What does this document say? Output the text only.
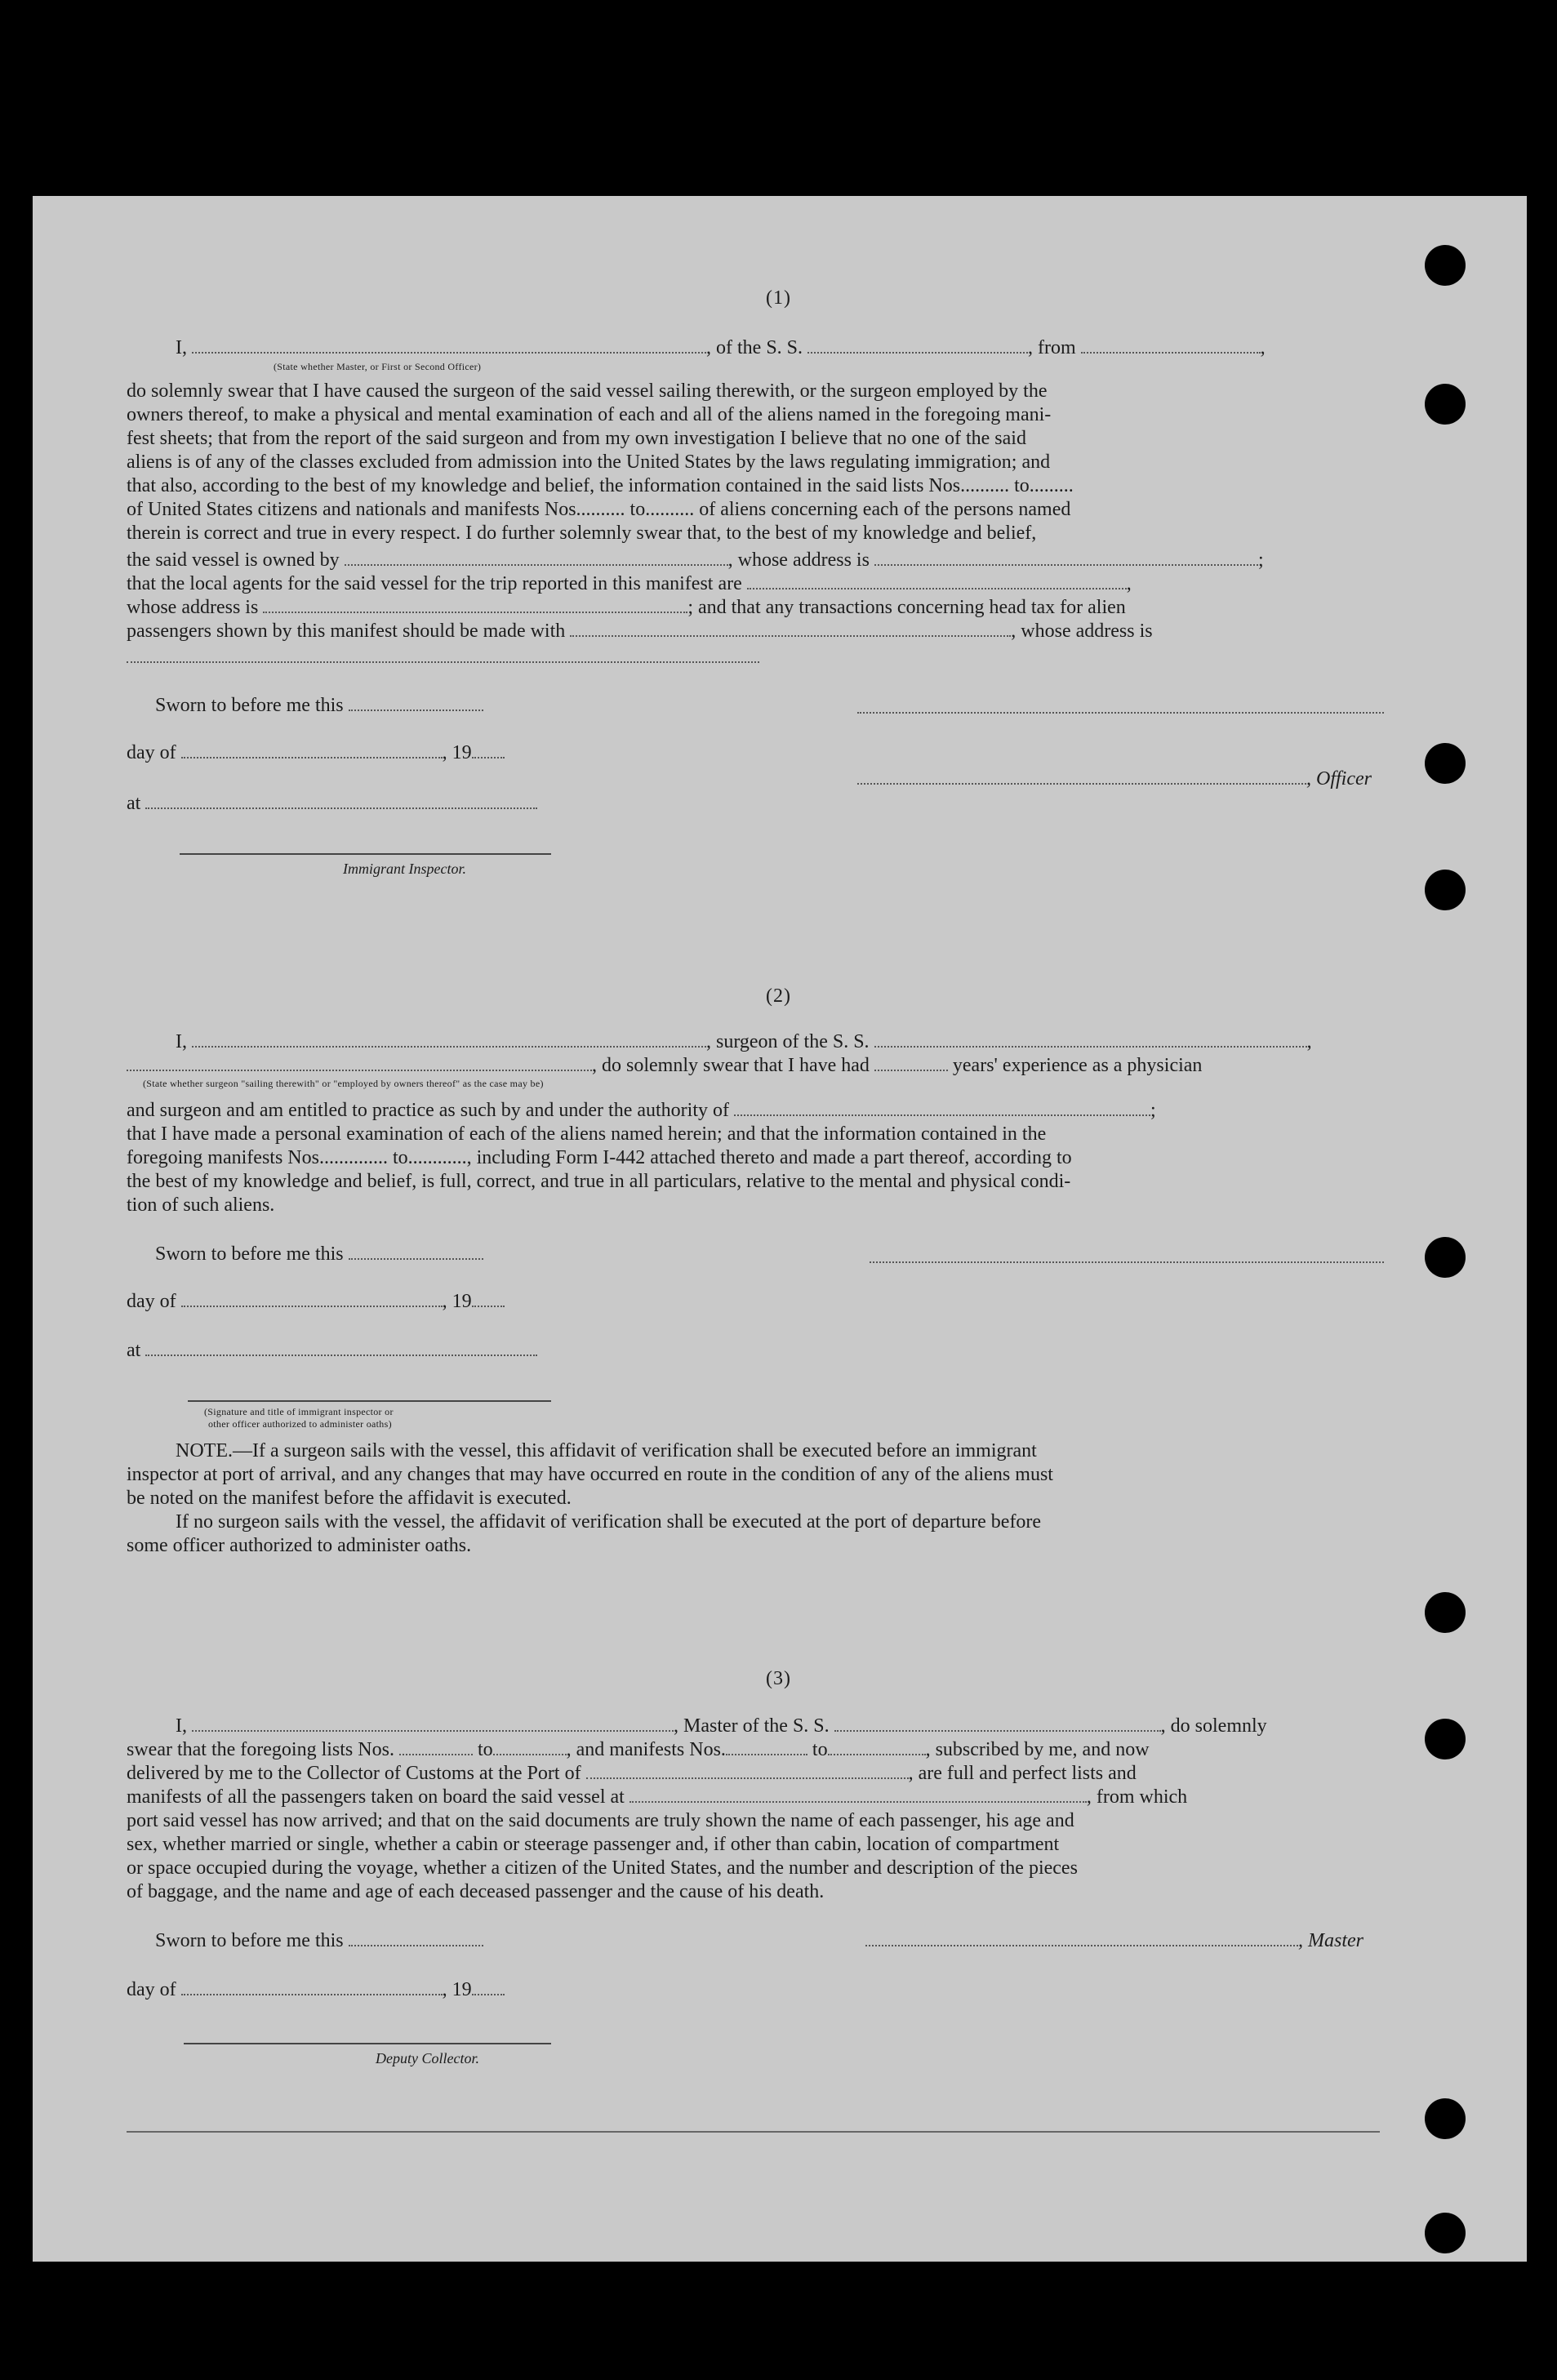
(1)
I,	, of the S. S.	, from	,
(State whether Master, or First or Second Officer)
do solemnly swear that I have caused the surgeon of the said vessel sailing therewith, or the surgeon employed by the
owners thereof, to make a physical and mental examination of each and all of the aliens named in the foregoing mani-
fest sheets; that from the report of the said surgeon and from my own investigation I believe that no one of the said
aliens is of any of the classes excluded from admission into the United States by the laws regulating immigration; and
that also, according to the best of my knowledge and belief, the information contained in the said lists Nos.......... to.........
of United States citizens and nationals and manifests Nos.......... to.......... of aliens concerning each of the persons named
therein is correct and true in every respect. I do further solemnly swear that, to the best of my knowledge and belief,
the said vessel is owned by	, whose address is	;
that the local agents for the said vessel for the trip reported in this manifest are	,
whose address is	; and that any transactions concerning head tax for alien
passengers shown by this manifest should be made with	, whose address is
Sworn to before me this
day of	, 19
, Officer
at
Immigrant Inspector.
(2)
I,	, surgeon of the S. S.	,
, do solemnly swear that I have had	years' experience as a physician
(State whether surgeon "sailing therewith" or "employed by owners thereof" as the case may be)
and surgeon and am entitled to practice as such by and under the authority of	;
that I have made a personal examination of each of the aliens named herein; and that the information contained in the
foregoing manifests Nos.............. to............, including Form I-442 attached thereto and made a part thereof, according to
the best of my knowledge and belief, is full, correct, and true in all particulars, relative to the mental and physical condi-
tion of such aliens.
Sworn to before me this
day of	, 19
at
(Signature and title of immigrant inspector or
other officer authorized to administer oaths)
NOTE.—If a surgeon sails with the vessel, this affidavit of verification shall be executed before an immigrant
inspector at port of arrival, and any changes that may have occurred en route in the condition of any of the aliens must
be noted on the manifest before the affidavit is executed.
If no surgeon sails with the vessel, the affidavit of verification shall be executed at the port of departure before
some officer authorized to administer oaths.
(3)
I,	, Master of the S. S.	, do solemnly
swear that the foregoing lists Nos.	to	, and manifests Nos.	to	, subscribed by me, and now
delivered by me to the Collector of Customs at the Port of	, are full and perfect lists and
manifests of all the passengers taken on board the said vessel at	, from which
port said vessel has now arrived; and that on the said documents are truly shown the name of each passenger, his age and
sex, whether married or single, whether a cabin or steerage passenger and, if other than cabin, location of compartment
or space occupied during the voyage, whether a citizen of the United States, and the number and description of the pieces
of baggage, and the name and age of each deceased passenger and the cause of his death.
Sworn to before me this	, Master
day of	, 19
Deputy Collector.
